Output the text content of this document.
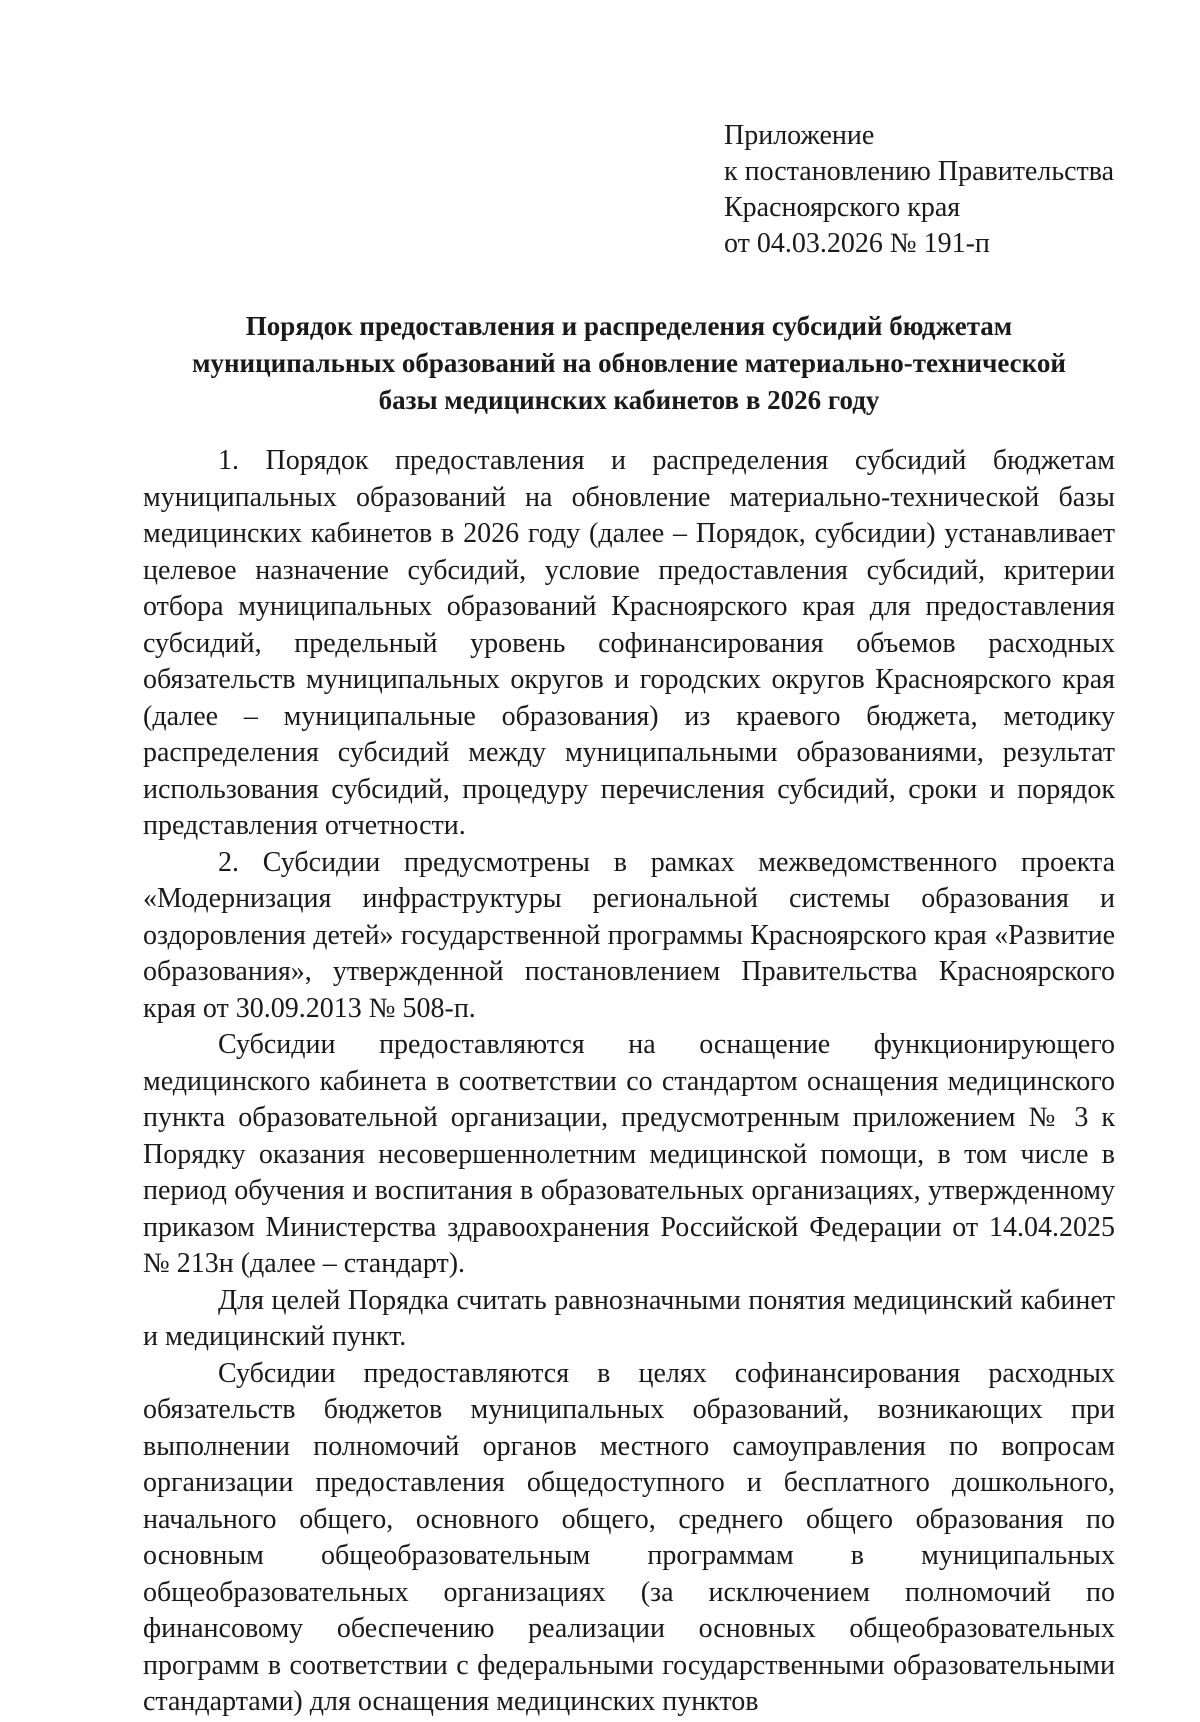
Приложение
к постановлению Правительства
Красноярского края
от 04.03.2026 № 191-п
Порядок предоставления и распределения субсидий бюджетам
муниципальных образований на обновление материально-технической
базы медицинских кабинетов в 2026 году

1. Порядок предоставления и распределения субсидий бюджетам муниципальных образований на обновление материально-технической базы медицинских кабинетов в 2026 году (далее – Порядок, субсидии) устанавливает целевое назначение субсидий, условие предоставления субсидий, критерии отбора муниципальных образований Красноярского края для предоставления субсидий, предельный уровень софинансирования объемов расходных обязательств муниципальных округов и городских округов Красноярского края (далее – муниципальные образования) из краевого бюджета, методику распределения субсидий между муниципальными образованиями, результат использования субсидий, процедуру перечисления субсидий, сроки и порядок представления отчетности.

2. Субсидии предусмотрены в рамках межведомственного проекта «Модернизация инфраструктуры региональной системы образования и оздоровления детей» государственной программы Красноярского края «Развитие образования», утвержденной постановлением Правительства Красноярского края от 30.09.2013 № 508-п.

Субсидии предоставляются на оснащение функционирующего медицинского кабинета в соответствии со стандартом оснащения медицинского пункта образовательной организации, предусмотренным приложением № 3 к Порядку оказания несовершеннолетним медицинской помощи, в том числе в период обучения и воспитания в образовательных организациях, утвержденному приказом Министерства здравоохранения Российской Федерации от 14.04.2025 № 213н (далее – стандарт).

Для целей Порядка считать равнозначными понятия медицинский кабинет и медицинский пункт.

Субсидии предоставляются в целях софинансирования расходных обязательств бюджетов муниципальных образований, возникающих при выполнении полномочий органов местного самоуправления по вопросам организации предоставления общедоступного и бесплатного дошкольного, начального общего, основного общего, среднего общего образования по основным общеобразовательным программам в муниципальных общеобразовательных организациях (за исключением полномочий по финансовому обеспечению реализации основных общеобразовательных программ в соответствии с федеральными государственными образовательными стандартами) для оснащения медицинских пунктов
